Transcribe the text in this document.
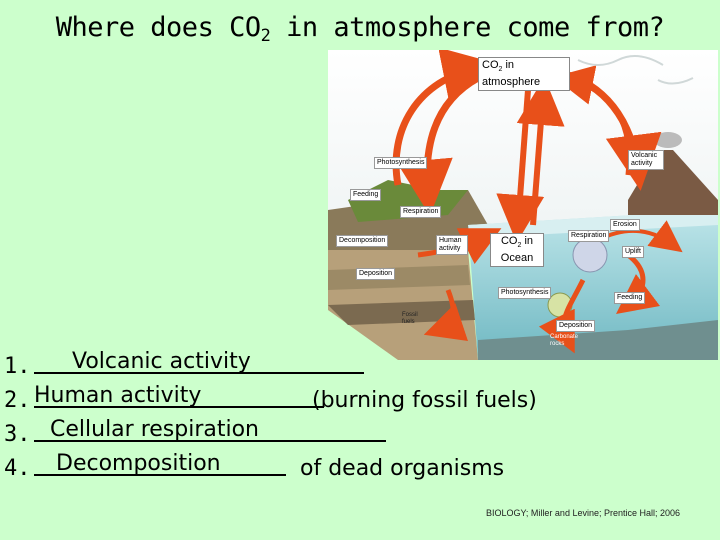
Where does $CO_2$ in atmosphere come from?
$CO_2$ in
atmosphere
$CO_2$ in
Ocean
Photosynthesis
Volcanic activity
Feeding
Respiration
Decomposition	Human activity
Erosion
Respiration
Uplift
Deposition
Photosynthesis
Feeding
Deposition
Fossil fuels
Carbonate rocks
1. Volcanic activity
2. Human activity	(burning fossil fuels)
3. Cellular respiration
4. Decomposition	of dead organisms
BIOLOGY; Miller and Levine; Prentice Hall; 2006
